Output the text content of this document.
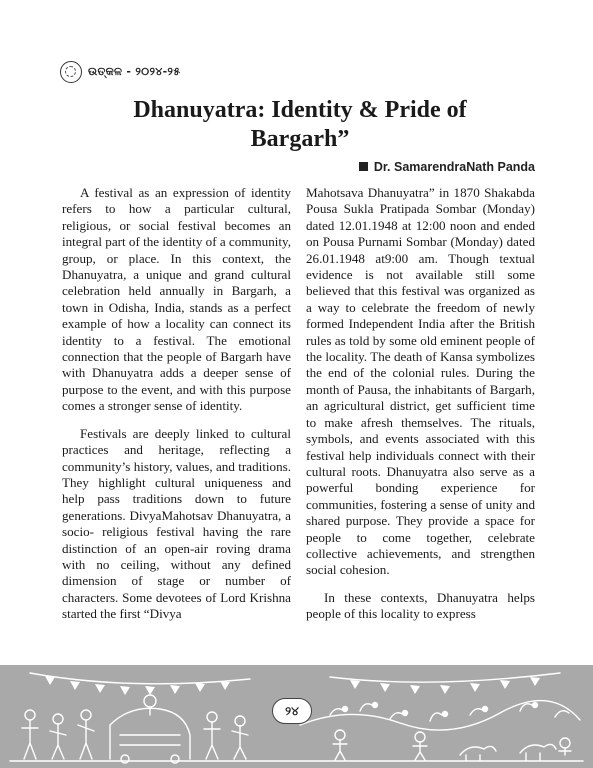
ଉତ୍କଳ - ୨୦୨୪-୨୫
Dhanuyatra: Identity & Pride of
Bargarh”
Dr. SamarendraNath Panda

A festival as an expression of identity refers to how a particular cultural, religious, or social festival becomes an integral part of the identity of a community, group, or place. In this context, the Dhanuyatra, a unique and grand cultural celebration held annually in Bargarh, a town in Odisha, India, stands as a perfect example of how a locality can connect its identity to a festival. The emotional connection that the people of Bargarh have with Dhanuyatra adds a deeper sense of purpose to the event, and with this purpose comes a stronger sense of identity.

Festivals are deeply linked to cultural practices and heritage, reflecting a community’s history, values, and traditions. They highlight cultural uniqueness and help pass traditions down to future generations. DivyaMahotsav Dhanuyatra, a socio- religious festival having the rare distinction of an open-air roving drama with no ceiling, without any defined dimension of stage or number of characters. Some devotees of Lord Krishna started the first “Divya

Mahotsava Dhanuyatra” in 1870 Shakabda Pousa Sukla Pratipada Sombar (Monday) dated 12.01.1948 at 12:00 noon and ended on Pousa Purnami Sombar (Monday) dated 26.01.1948 at9:00 am. Though textual evidence is not available still some believed that this festival was organized as a way to celebrate the freedom of newly formed Independent India after the British rules as told by some old eminent people of the locality. The death of Kansa symbolizes the end of the colonial rules. During the month of Pausa, the inhabitants of Bargarh, an agricultural district, get sufficient time to make afresh themselves. The rituals, symbols, and events associated with this festival help individuals connect with their cultural roots. Dhanuyatra also serve as a powerful bonding experience for communities, fostering a sense of unity and shared purpose. They provide a space for people to come together, celebrate collective achievements, and strengthen social cohesion.

In these contexts, Dhanuyatra helps people of this locality to express

୨୪
